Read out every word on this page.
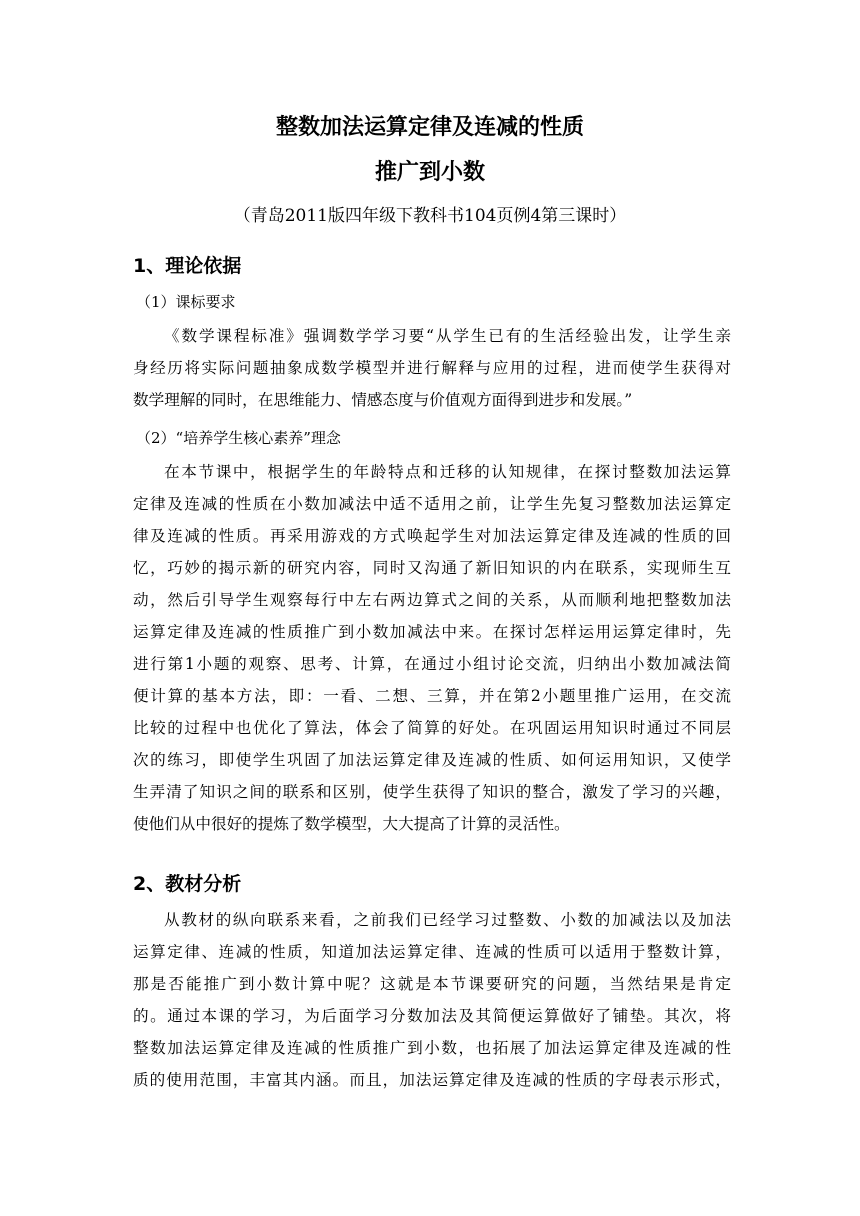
整数加法运算定律及连减的性质
推广到小数
（青岛2011版四年级下教科书104页例4第三课时）
1、理论依据
（1）课标要求
《数学课程标准》强调数学学习要“从学生已有的生活经验出发，让学生亲
身经历将实际问题抽象成数学模型并进行解释与应用的过程，进而使学生获得对
数学理解的同时，在思维能力、情感态度与价值观方面得到进步和发展。”
（2）“培养学生核心素养”理念
在本节课中，根据学生的年龄特点和迁移的认知规律，在探讨整数加法运算
定律及连减的性质在小数加减法中适不适用之前，让学生先复习整数加法运算定
律及连减的性质。再采用游戏的方式唤起学生对加法运算定律及连减的性质的回
忆，巧妙的揭示新的研究内容，同时又沟通了新旧知识的内在联系，实现师生互
动，然后引导学生观察每行中左右两边算式之间的关系，从而顺利地把整数加法
运算定律及连减的性质推广到小数加减法中来。在探讨怎样运用运算定律时，先
进行第1小题的观察、思考、计算，在通过小组讨论交流，归纳出小数加减法简
便计算的基本方法，即：一看、二想、三算，并在第2小题里推广运用，在交流
比较的过程中也优化了算法，体会了简算的好处。在巩固运用知识时通过不同层
次的练习，即使学生巩固了加法运算定律及连减的性质、如何运用知识，又使学
生弄清了知识之间的联系和区别，使学生获得了知识的整合，激发了学习的兴趣，
使他们从中很好的提炼了数学模型，大大提高了计算的灵活性。
2、教材分析
从教材的纵向联系来看，之前我们已经学习过整数、小数的加减法以及加法
运算定律、连减的性质，知道加法运算定律、连减的性质可以适用于整数计算，
那是否能推广到小数计算中呢？这就是本节课要研究的问题，当然结果是肯定
的。通过本课的学习，为后面学习分数加法及其简便运算做好了铺垫。其次，将
整数加法运算定律及连减的性质推广到小数，也拓展了加法运算定律及连减的性
质的使用范围，丰富其内涵。而且，加法运算定律及连减的性质的字母表示形式，
